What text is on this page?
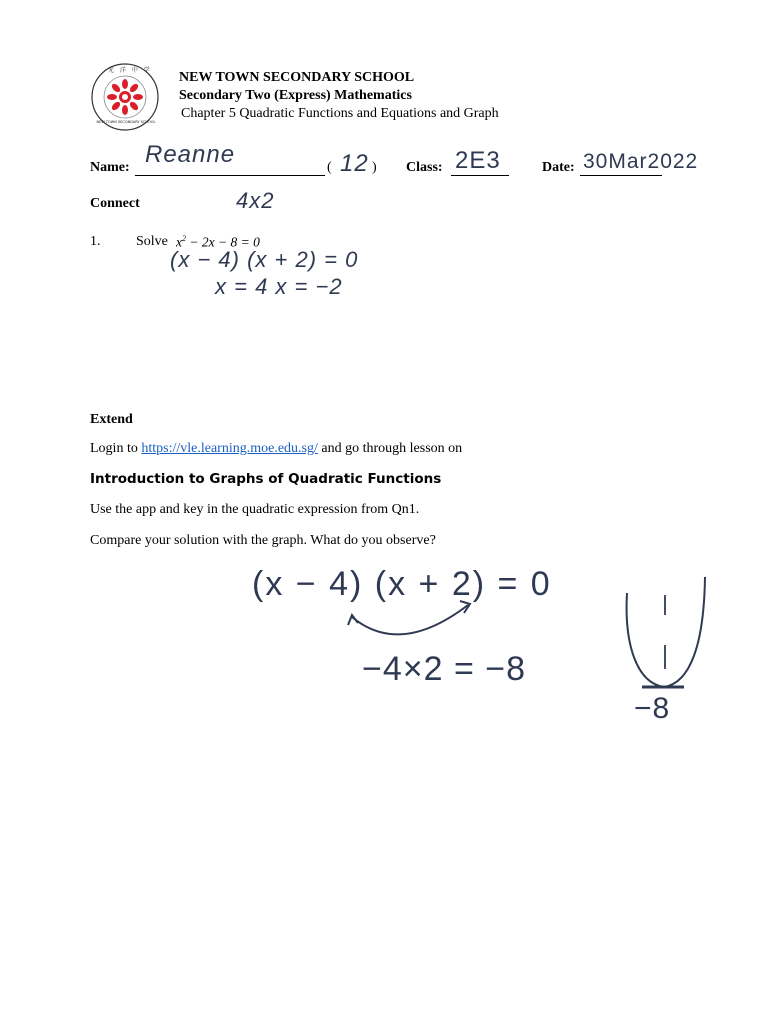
光 洋 中 学
NEW TOWN SECONDARY SCHOOL
NEW TOWN SECONDARY SCHOOL
Secondary Two (Express) Mathematics
Chapter 5 Quadratic Functions and Equations and Graph
Name: Reanne	( 12 ) Class: 2E3	Date: 30Mar2022
Connect	4x2
1.	Solve $x^2 - 2x - 8 = 0$
(x − 4) (x + 2) = 0
x = 4 x = −2
Extend
Login to https://vle.learning.moe.edu.sg/ and go through lesson on
Introduction to Graphs of Quadratic Functions
Use the app and key in the quadratic expression from Qn1.
Compare your solution with the graph. What do you observe?
(x − 4) (x + 2) = 0
−4×2 = −8
−8
